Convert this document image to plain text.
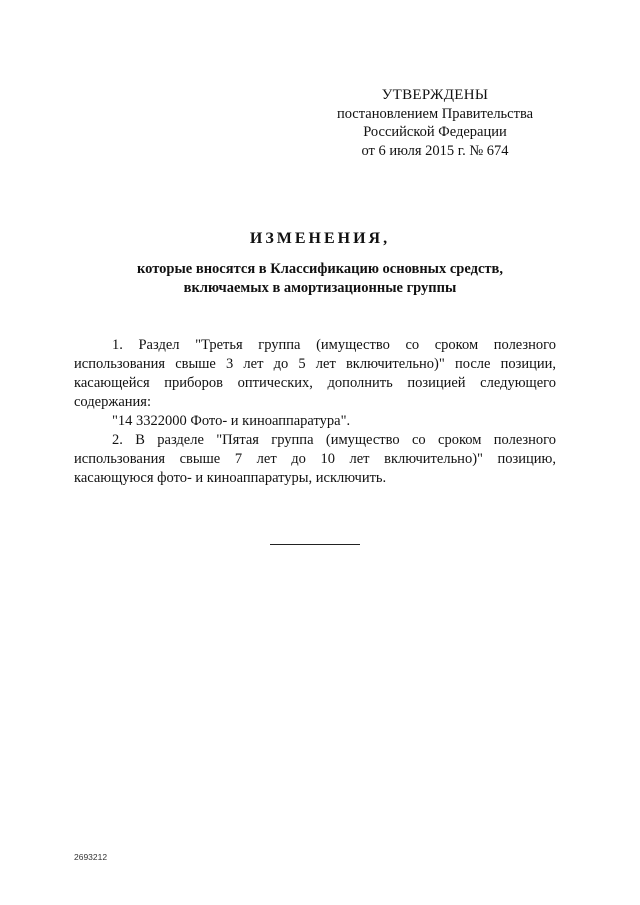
УТВЕРЖДЕНЫ
постановлением Правительства
Российской Федерации
от 6 июля 2015 г. № 674
ИЗМЕНЕНИЯ,
которые вносятся в Классификацию основных средств,
включаемых в амортизационные группы
1. Раздел "Третья группа (имущество со сроком полезного
использования свыше 3 лет до 5 лет включительно)" после позиции,
касающейся приборов оптических, дополнить позицией следующего
содержания:
"14 3322000 Фото- и киноаппаратура".
2. В разделе "Пятая группа (имущество со сроком полезного
использования свыше 7 лет до 10 лет включительно)" позицию,
касающуюся фото- и киноаппаратуры, исключить.
2693212
